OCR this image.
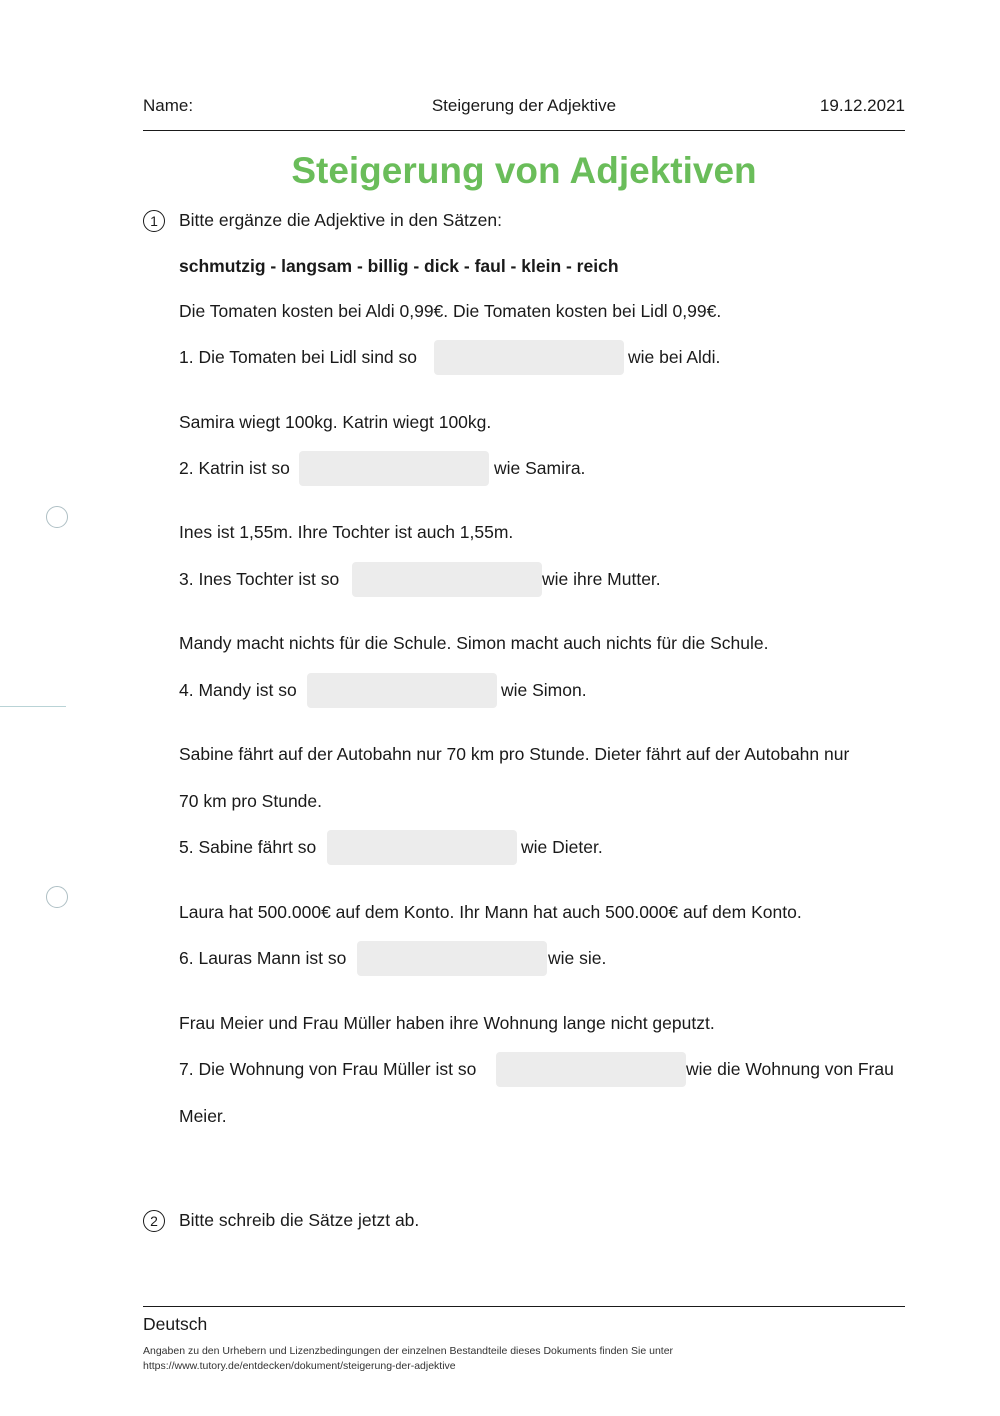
Steigerung der Adjektive
Name:	19.12.2021
Steigerung von Adjektiven
1	Bitte ergänze die Adjektive in den Sätzen:
schmutzig - langsam - billig - dick - faul - klein - reich
Die Tomaten kosten bei Aldi 0,99€. Die Tomaten kosten bei Lidl 0,99€.
1. Die Tomaten bei Lidl sind so	wie bei Aldi.
Samira wiegt 100kg. Katrin wiegt 100kg.
2. Katrin ist so	wie Samira.
Ines ist 1,55m. Ihre Tochter ist auch 1,55m.
3. Ines Tochter ist so	wie ihre Mutter.
Mandy macht nichts für die Schule. Simon macht auch nichts für die Schule.
4. Mandy ist so	wie Simon.
Sabine fährt auf der Autobahn nur 70 km pro Stunde. Dieter fährt auf der Autobahn nur
70 km pro Stunde.
5. Sabine fährt so	wie Dieter.
Laura hat 500.000€ auf dem Konto. Ihr Mann hat auch 500.000€ auf dem Konto.
6. Lauras Mann ist so	wie sie.
Frau Meier und Frau Müller haben ihre Wohnung lange nicht geputzt.
7. Die Wohnung von Frau Müller ist so	wie die Wohnung von Frau
Meier.
2	Bitte schreib die Sätze jetzt ab.
Deutsch
Angaben zu den Urhebern und Lizenzbedingungen der einzelnen Bestandteile dieses Dokuments finden Sie unter
https://www.tutory.de/entdecken/dokument/steigerung-der-adjektive
